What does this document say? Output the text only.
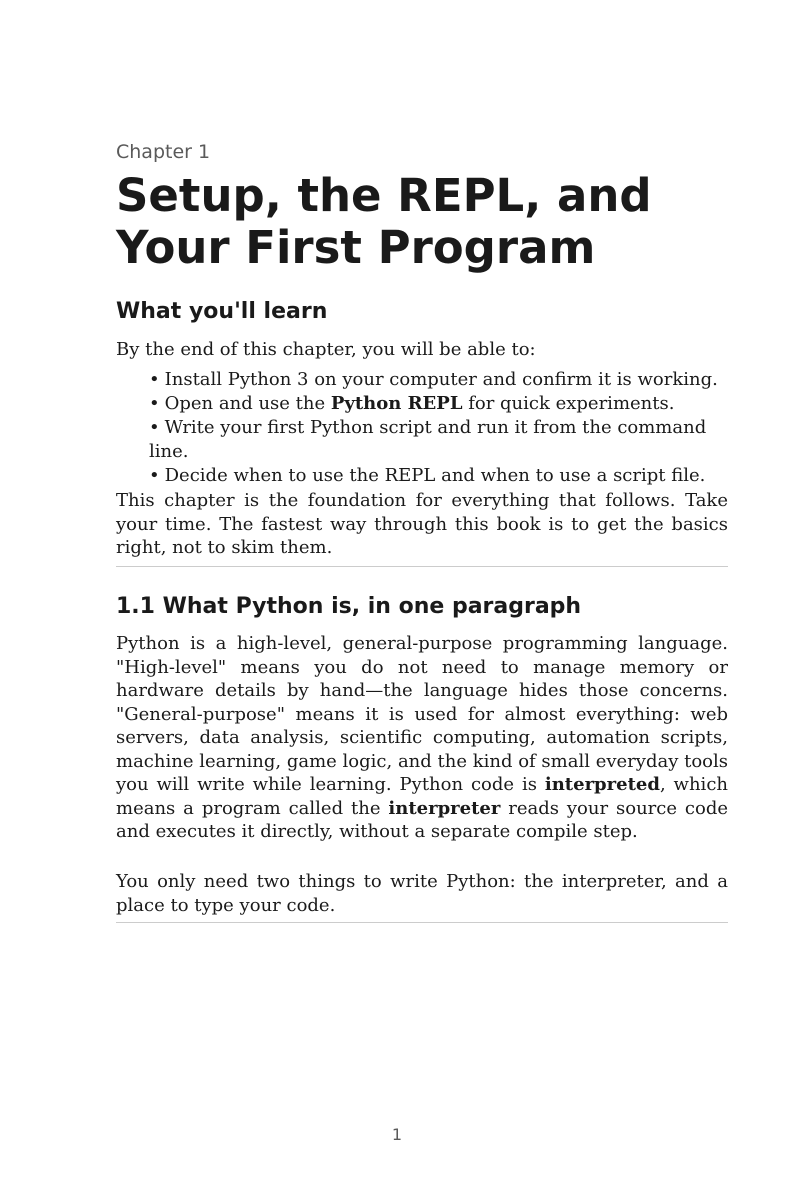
Chapter 1
Setup, the REPL, and Your First Program
What you'll learn

By the end of this chapter, you will be able to:

• Install Python 3 on your computer and confirm it is working.
• Open and use the Python REPL for quick experiments.
• Write your first Python script and run it from the command line.
• Decide when to use the REPL and when to use a script file.

This chapter is the foundation for everything that follows. Take your time. The fastest way through this book is to get the basics right, not to skim them.

1.1 What Python is, in one paragraph

Python is a high-level, general-purpose programming language. "High-level" means you do not need to manage memory or hardware details by hand—the language hides those concerns. "General-purpose" means it is used for almost everything: web servers, data analysis, scientific computing, automation scripts, machine learning, game logic, and the kind of small everyday tools you will write while learning. Python code is interpreted, which means a program called the interpreter reads your source code and executes it directly, without a separate compile step.

You only need two things to write Python: the interpreter, and a place to type your code.

1
